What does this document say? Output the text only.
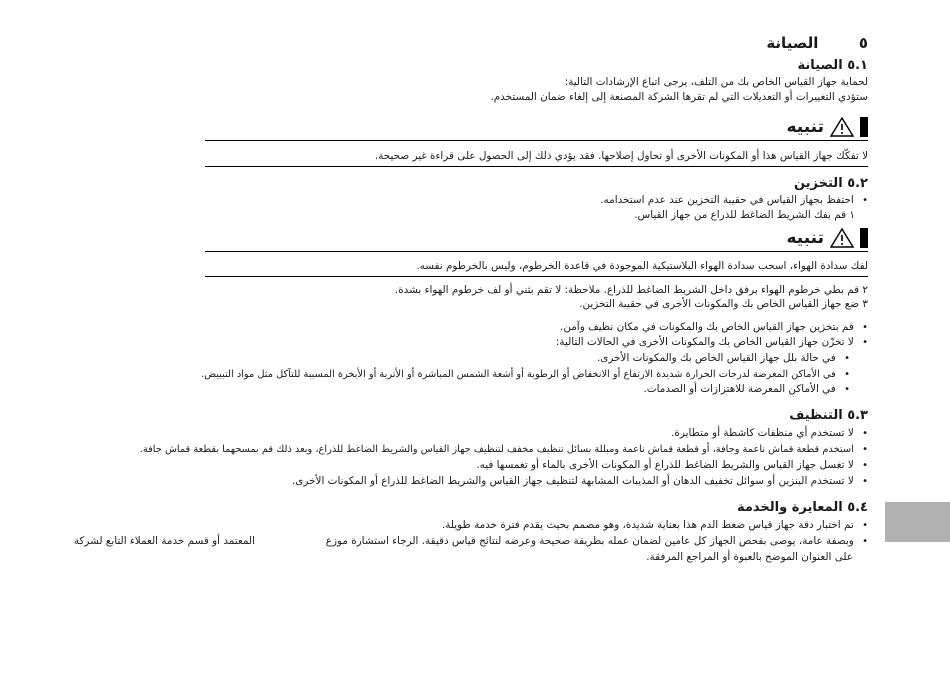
٥  الصيانة
٥.١ الصيانة
لحماية جهاز القياس الخاص بك من التلف، يرجى اتباع الإرشادات التالية:
ستؤدي التغييرات أو التعديلات التي لم تقرها الشركة المصنعة إلى إلغاء ضمان المستخدم.
تنبيه
لا تفكّك جهاز القياس هذا أو المكونات الأخرى أو تحاول إصلاحها. فقد يؤدي ذلك إلى الحصول على قراءة غير صحيحة.
٥.٢ التخزين
• احتفظ بجهاز القياس في حقيبة التخزين عند عدم استخدامه.
١ قم بفك الشريط الضاغط للذراع من جهاز القياس.
تنبيه
لفك سدادة الهواء، اسحب سدادة الهواء البلاستيكية الموجودة في قاعدة الخرطوم، وليس بالخرطوم نفسه.
٢ قم بطي خرطوم الهواء برفق داخل الشريط الضاغط للذراع. ملاحظة: لا تقم بثني أو لف خرطوم الهواء بشدة.
٣ ضع جهاز القياس الخاص بك والمكونات الأخرى في حقيبة التخزين.
• قم بتخزين جهاز القياس الخاص بك والمكونات في مكان نظيف وآمن.
• لا تخزّن جهاز القياس الخاص بك والمكونات الأخرى في الحالات التالية:
• في حالة بلل جهاز القياس الخاص بك والمكونات الأخرى.
• في الأماكن المعرضة لدرجات الحرارة شديدة الارتفاع أو الانخفاض أو الرطوبة أو أشعة الشمس المباشرة أو الأتربة أو الأبخرة المسببة للتآكل مثل مواد التبييض.
• في الأماكن المعرضة للاهتزازات أو الصدمات.
٥.٣ التنظيف
• لا تستخدم أي منظفات كاشطة أو متطايرة.
• استخدم قطعة قماش ناعمة وجافة، أو قطعة قماش ناعمة ومبللة بسائل تنظيف مخفف لتنظيف جهاز القياس والشريط الضاغط للذراع، وبعد ذلك قم بمسحهما بقطعة قماش جافة.
• لا تغسل جهاز القياس والشريط الضاغط للذراع أو المكونات الأخرى بالماء أو تغمسها فيه.
• لا تستخدم البنزين أو سوائل تخفيف الدهان أو المذيبات المشابهة لتنظيف جهاز القياس والشريط الضاغط للذراع أو المكونات الأخرى.
٥.٤ المعايرة والخدمة
• تم اختبار دقة جهاز قياس ضغط الدم هذا بعناية شديدة، وهو مصمم بحيث يقدم فترة خدمة طويلة.
• وبصفة عامة، يوصى بفحص الجهاز كل عامين لضمان عمله بطريقة صحيحة وعرضه لنتائج قياس دقيقة. الرجاء استشارة موزع
المعتمد أو قسم خدمة العملاء التابع لشركة
على العنوان الموضح بالعبوة أو المراجع المرفقة.
